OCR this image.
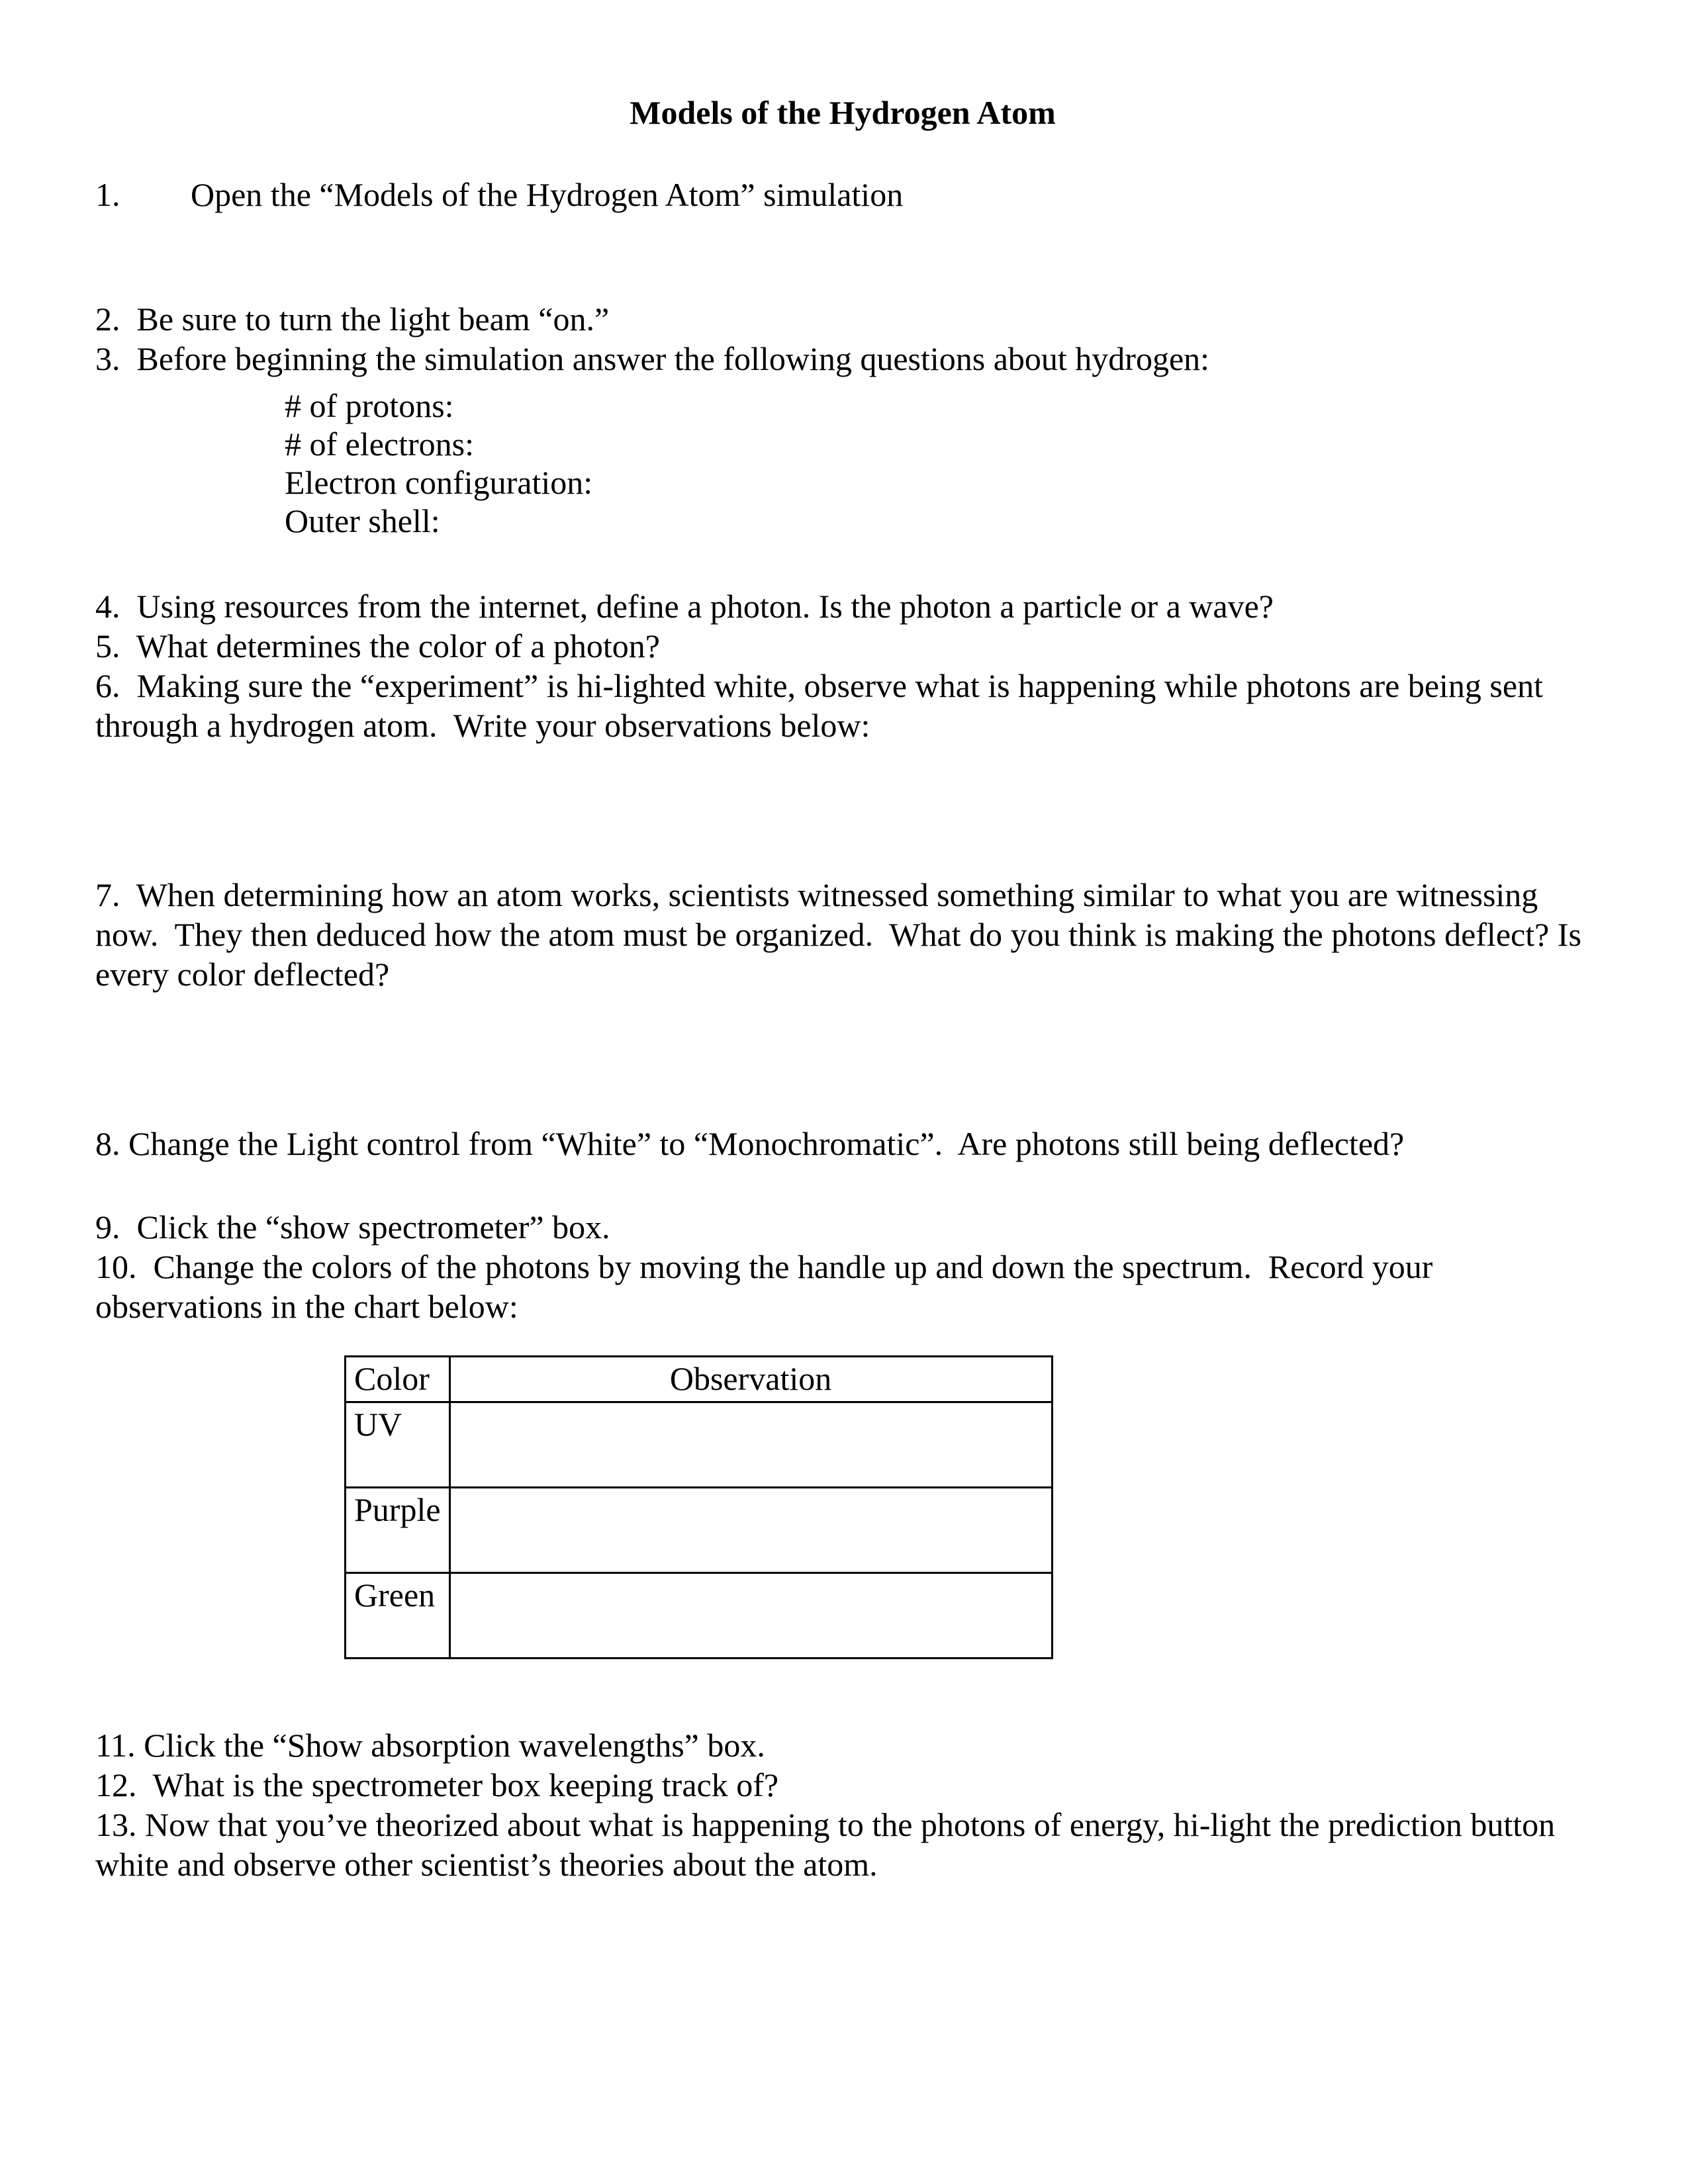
Models of the Hydrogen Atom

1. Open the “Models of the Hydrogen Atom” simulation

2.  Be sure to turn the light beam “on.”

3.  Before beginning the simulation answer the following questions about hydrogen:

# of protons:

# of electrons:

Electron configuration:

Outer shell:

4.  Using resources from the internet, define a photon. Is the photon a particle or a wave?

5.  What determines the color of a photon?

6.  Making sure the “experiment” is hi-lighted white, observe what is happening while photons are being sent through a hydrogen atom.  Write your observations below:

7.  When determining how an atom works, scientists witnessed something similar to what you are witnessing now.  They then deduced how the atom must be organized.  What do you think is making the photons deflect? Is every color deflected?

8. Change the Light control from “White” to “Monochromatic”.  Are photons still being deflected?

9.  Click the “show spectrometer” box.

10.  Change the colors of the photons by moving the handle up and down the spectrum.  Record your observations in the chart below:

Color	Observation
UV	
Purple	
Green	

11. Click the “Show absorption wavelengths” box.

12.  What is the spectrometer box keeping track of?

13. Now that you’ve theorized about what is happening to the photons of energy, hi-light the prediction button white and observe other scientist’s theories about the atom.
